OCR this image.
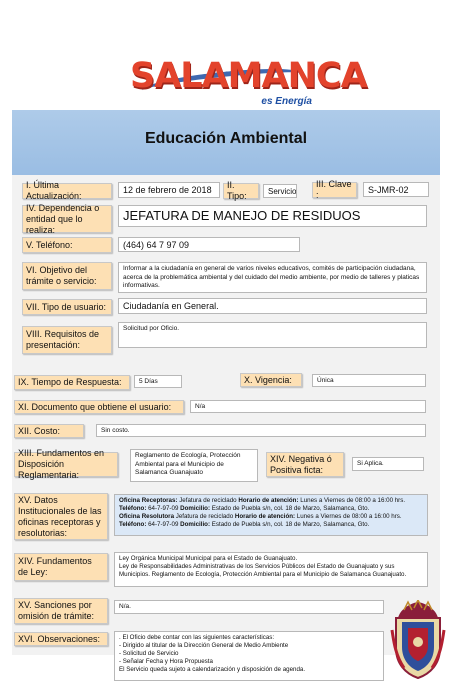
SALAMANCA
es Energía
Educación Ambiental
I. Última Actualización:
12 de febrero de 2018	II. Tipo:	Servicio
III. Clave :	S-JMR-02
IV. Dependencia o entidad que lo realiza:
JEFATURA DE MANEJO DE RESIDUOS
V. Teléfono:	(464) 64 7 97 09
VI. Objetivo del trámite o servicio:
Informar a la ciudadanía en general de varios niveles educativos, comités de participación ciudadana, acerca de la problemática ambiental y del cuidado del medio ambiente, por medio de talleres y platicas informativas.
VII. Tipo de usuario:	Ciudadanía en General.
VIII. Requisitos de presentación:
Solicitud por Oficio.
IX. Tiempo de Respuesta:	5 Días	X. Vigencia:	Única
XI. Documento que obtiene el usuario:	N/a
XII. Costo:	Sin costo.
XIII. Fundamentos en Disposición Reglamentaria:
Reglamento de Ecología, Protección Ambiental para el Municipio de Salamanca Guanajuato
XIV. Negativa ó Positiva ficta:
Si Aplica.
XV. Datos Institucionales de las oficinas receptoras y resolutorias:

Oficina Receptoras: Jefatura de reciclado Horario de atención: Lunes a Viernes de 08:00 a 16:00 hrs.

Teléfono: 64-7-97-09 Domicilio: Estado de Puebla s/n, col. 18 de Marzo, Salamanca, Gto.

Oficina Resolutora Jefatura de reciclado Horario de atención: Lunes a Viernes de 08:00 a 16:00 hrs.

Teléfono: 64-7-97-09 Domicilio: Estado de Puebla s/n, col. 18 de Marzo, Salamanca, Gto.

XIV. Fundamentos de Ley:

Ley Orgánica Municipal Municipal para el Estado de Guanajuato.

Ley de Responsabilidades Administrativas de los Servicios Públicos del Estado de Guanajuato y sus Municipios. Reglamento de Ecología, Protección Ambiental para el Municipio de Salamanca Guanajuato.

XV. Sanciones por omisión de trámite:
N/a.
XVI. Observaciones:	. El Oficio debe contar con las siguientes características:

- Dirigido al titular de la Dirección General de Medio Ambiente

- Solicitud de Servicio

- Señalar Fecha y Hora Propuesta

El Servicio queda sujeto a calendarización y disposición de agenda.
